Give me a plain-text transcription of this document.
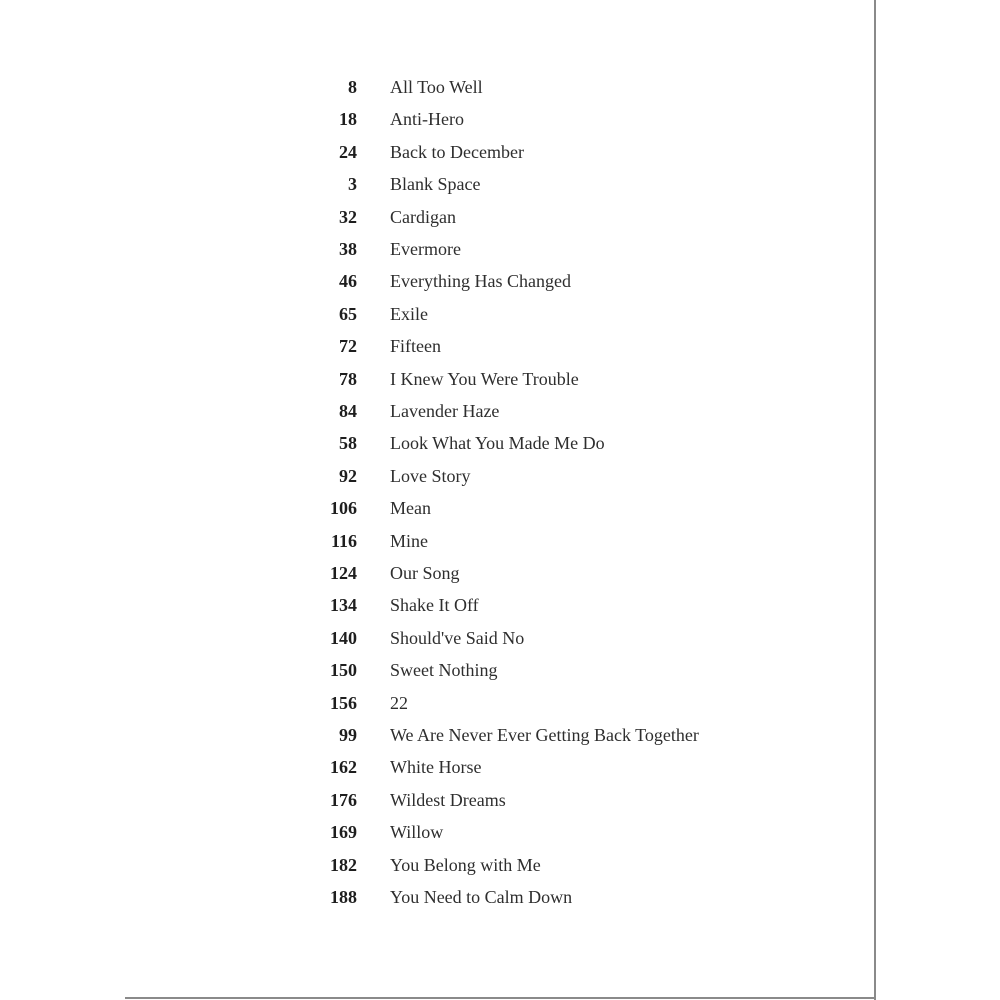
8 All Too Well
18 Anti-Hero
24 Back to December
3 Blank Space
32 Cardigan
38 Evermore
46 Everything Has Changed
65 Exile
72 Fifteen
78 I Knew You Were Trouble
84 Lavender Haze
58 Look What You Made Me Do
92 Love Story
106 Mean
116 Mine
124 Our Song
134 Shake It Off
140 Should've Said No
150 Sweet Nothing
156 22
99 We Are Never Ever Getting Back Together
162 White Horse
176 Wildest Dreams
169 Willow
182 You Belong with Me
188 You Need to Calm Down
